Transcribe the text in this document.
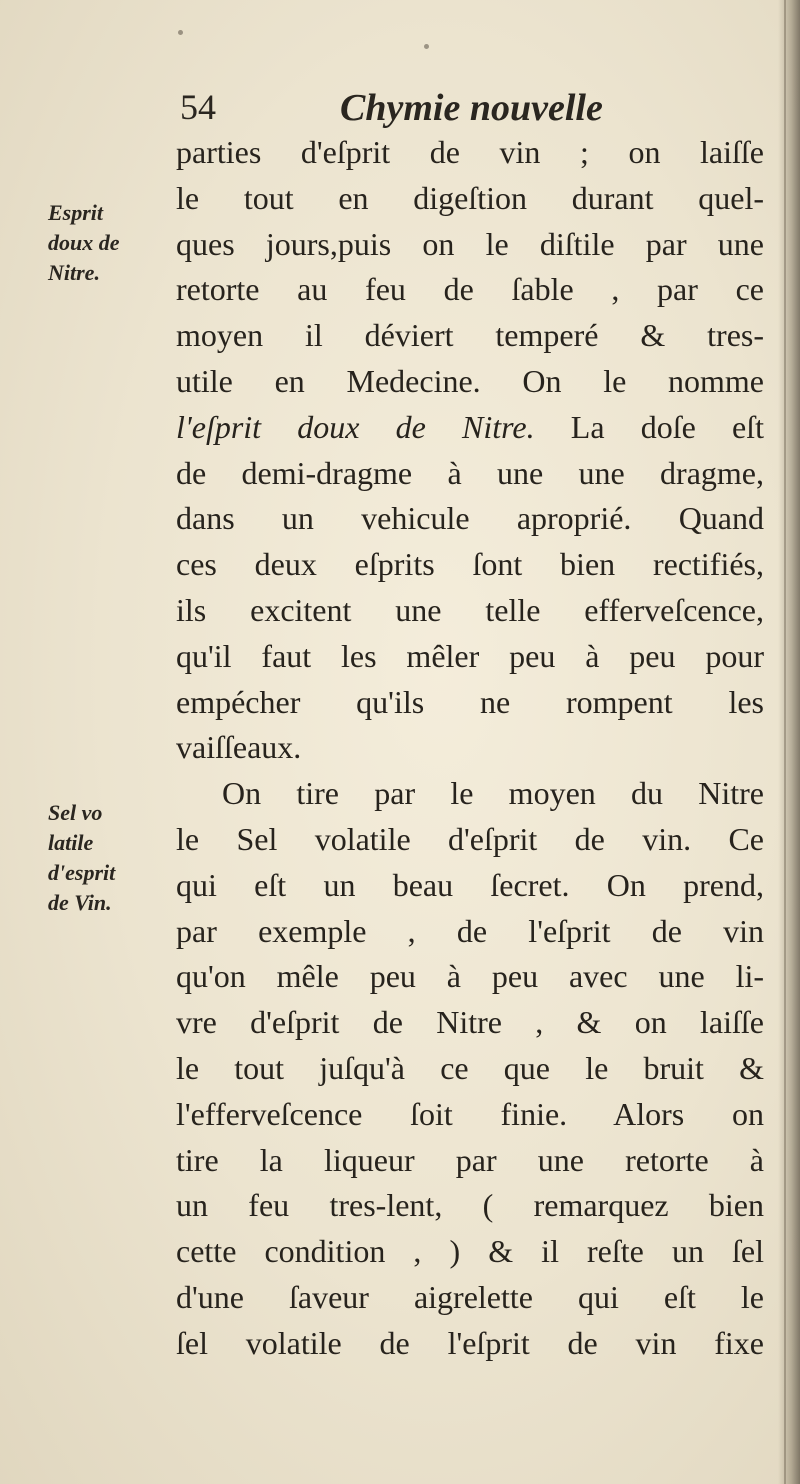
54	Chymie nouvelle
Esprit
doux de
Nitre.
Sel vo
latile
d'esprit
de Vin.
parties d'eſprit de vin ; on laiſſe
le tout en digeſtion durant quel-
ques jours,puis on le diſtile par une
retorte au feu de ſable , par ce
moyen il déviert temperé & tres-
utile en Medecine. On le nomme
l'eſprit doux de Nitre. La doſe eſt
de demi-dragme à une une dragme,
dans un vehicule aproprié. Quand
ces deux eſprits ſont bien rectifiés,
ils excitent une telle efferveſcence,
qu'il faut les mêler peu à peu pour
empécher qu'ils ne rompent les
vaiſſeaux.
On tire par le moyen du Nitre
le Sel volatile d'eſprit de vin. Ce
qui eſt un beau ſecret. On prend,
par exemple , de l'eſprit de vin
qu'on mêle peu à peu avec une li-
vre d'eſprit de Nitre , & on laiſſe
le tout juſqu'à ce que le bruit &
l'efferveſcence ſoit finie. Alors on
tire la liqueur par une retorte à
un feu tres-lent, ( remarquez bien
cette condition , ) & il reſte un ſel
d'une ſaveur aigrelette qui eſt le
ſel volatile de l'eſprit de vin fixe
